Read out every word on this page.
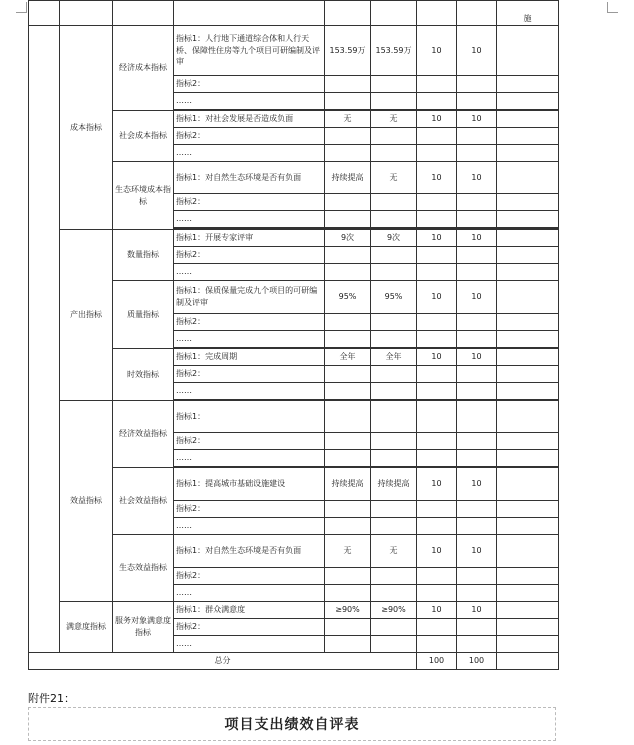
								施
	成本指标	经济成本指标	指标1：人行地下通道综合体和人行天桥、保障性住房等九个项目可研编制及评审	153.59万	153.59万	10	10	
			指标2：					
			……					

		社会成本指标	指标1：对社会发展是否造成负面	无	无	10	10	
			指标2：					
			……					
		生态环境成本指标	指标1：对自然生态环境是否有负面	持续提高	无	10	10	
			指标2：					
			……					

	产出指标	数量指标	指标1：开展专家评审	9次	9次	10	10	
			指标2：					
			……					
		质量指标	指标1：保质保量完成九个项目的可研编制及评审	95%	95%	10	10	
			指标2：					
			……					

		时效指标	指标1：完成周期	全年	全年	10	10	
			指标2：					
			……					

	效益指标	经济效益指标	指标1：					
			指标2：					
			……					

		社会效益指标	指标1：提高城市基础设施建设	持续提高	持续提高	10	10	
			指标2：					
			……					
		生态效益指标	指标1：对自然生态环境是否有负面	无	无	10	10	
			指标2：					
			……					
	满意度指标	服务对象满意度指标	指标1：群众满意度	≥90%	≥90%	10	10	
			指标2：					
			……					
总分						100	100	
附件21：
项目支出绩效自评表
